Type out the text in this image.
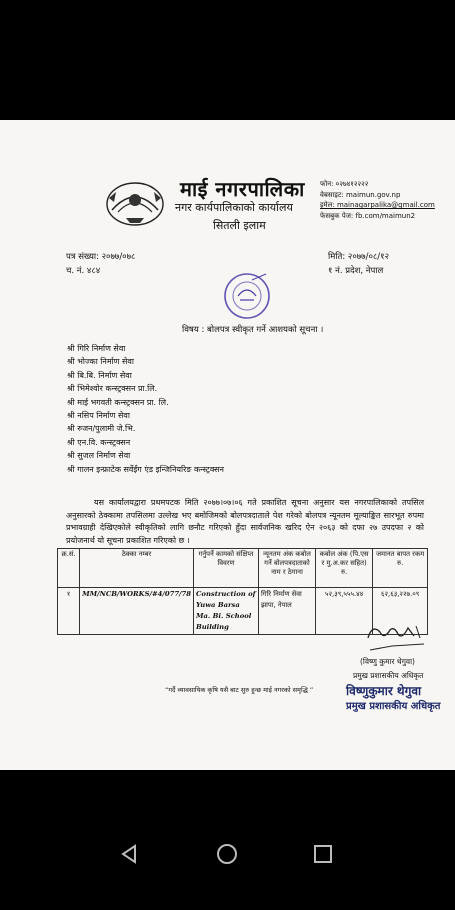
माई नगरपालिका
नगर कार्यपालिकाको कार्यालय
सितली इलाम
फोन: ०२७४१२२२२
वेबसाइट: maimun.gov.np
इमेल: mainagarpalika@gmail.com
फेसबुक पेज: fb.com/maimun2
पत्र संख्या: २०७७/०७८
च. नं. ४८४
मिति: २०७७/०८/१२
१ नं. प्रदेश, नेपाल
विषय : बोलपत्र स्वीकृत गर्ने आशयको सूचना ।
श्री गिरि निर्माण सेवा
श्री भोज्का निर्माण सेवा
श्री बि.बि. निर्माण सेवा
श्री भिमेश्वोर कन्स्ट्रक्सन प्रा.लि.
श्री माई भगवती कन्स्ट्रक्सन प्रा. लि.
श्री नसिप निर्माण सेवा
श्री रुजन/पुलामी जे.भि.
श्री एन.वि. कन्स्ट्रक्सन
श्री सुजल निर्माण सेवा
श्री गालन इन्फ्राटेक सर्वेईंग एंड इन्जिनियरिङ कन्स्ट्रक्सन
यस कार्यालयद्वारा प्रथमपटक मिति २०७७।०७।०६ गते प्रकाशित सूचना अनुसार यस नगरपालिकाको तपसिल अनुसारको ठेक्कामा तपसिलमा उल्लेख भए बमोजिमको बोलपत्रदाताले पेश गरेको बोलपत्र न्यूनतम मूल्याङ्कित सारभूत रुपमा प्रभावग्राही देखिएकोले स्वीकृतिको लागि छनौट गरिएको हुँदा सार्वजनिक खरिद ऐन २०६३ को दफा २७ उपदफा २ को प्रयोजनार्थ यो सूचना प्रकाशित गरिएको छ ।
क्र.सं.	ठेक्का नम्बर	गर्नुपर्ने कामको संक्षिप्त विवरण	न्यूनतम अंक कबोल गर्ने बोलपत्रदाताको नाम र ठेगाना	कबोल अंक (पि.एस र मु.अ.कर सहित) रु.	जमानत बापत रकम रु.
१	MM/NCB/WORKS/#4/077/78	Construction of Yuwa Barsa Ma. Bi. School Building	गिरि निर्माण सेवा झापा, नेपाल	५२,३९,५५५.४४	६२,६३,२२७.०९
(विष्णु कुमार थेगुवा)
प्रमुख प्रशासकीय अधिकृत
“गर्दै व्यावसायिक कृषि यसै बाट सुरु हुन्छ माई नगरको समृद्धि ”	विष्णुकुमार थेगुवा
प्रमुख प्रशासकीय अधिकृत
